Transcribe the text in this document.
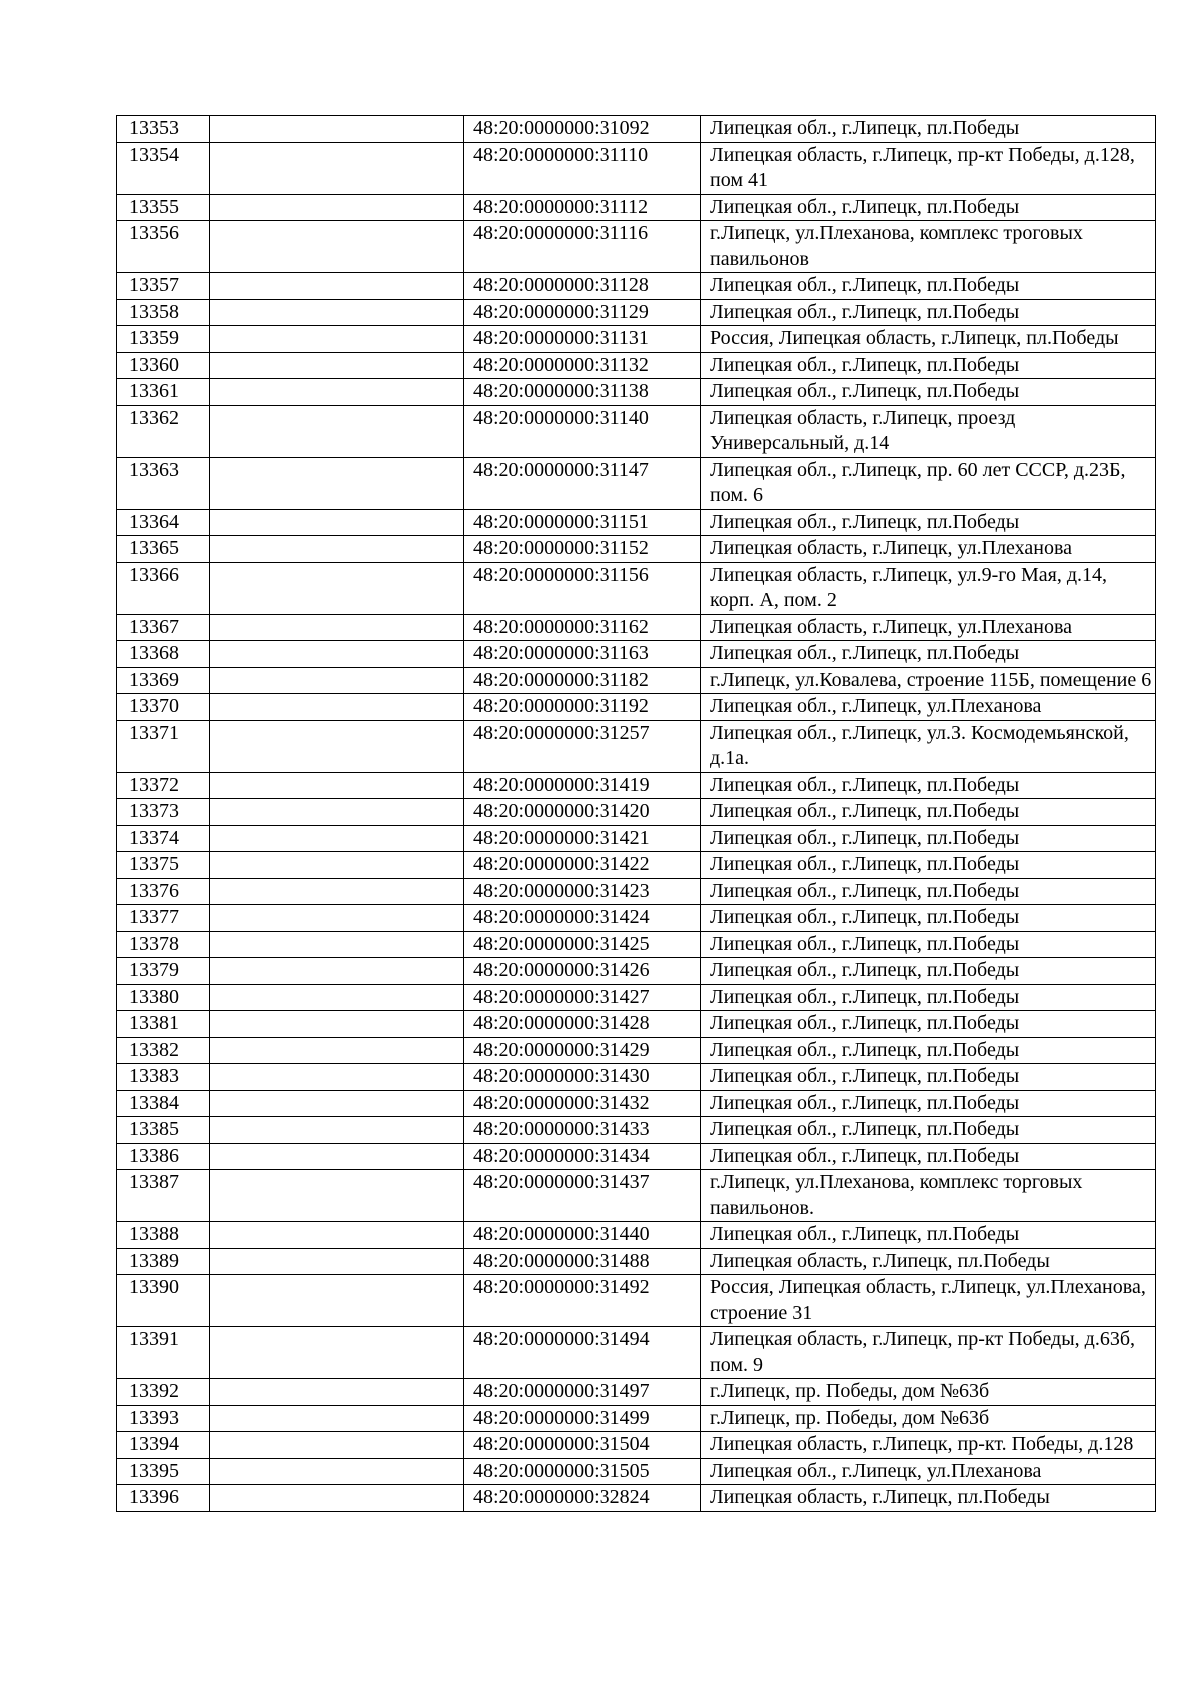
13353		48:20:0000000:31092	Липецкая обл., г.Липецк, пл.Победы
13354		48:20:0000000:31110	Липецкая область, г.Липецк, пр-кт Победы, д.128, пом 41
13355		48:20:0000000:31112	Липецкая обл., г.Липецк, пл.Победы
13356		48:20:0000000:31116	г.Липецк, ул.Плеханова, комплекс троговых павильонов
13357		48:20:0000000:31128	Липецкая обл., г.Липецк, пл.Победы
13358		48:20:0000000:31129	Липецкая обл., г.Липецк, пл.Победы
13359		48:20:0000000:31131	Россия, Липецкая область, г.Липецк, пл.Победы
13360		48:20:0000000:31132	Липецкая обл., г.Липецк, пл.Победы
13361		48:20:0000000:31138	Липецкая обл., г.Липецк, пл.Победы
13362		48:20:0000000:31140	Липецкая область, г.Липецк, проезд Универсальный, д.14
13363		48:20:0000000:31147	Липецкая обл., г.Липецк, пр. 60 лет СССР, д.23Б, пом. 6
13364		48:20:0000000:31151	Липецкая обл., г.Липецк, пл.Победы
13365		48:20:0000000:31152	Липецкая область, г.Липецк, ул.Плеханова
13366		48:20:0000000:31156	Липецкая область, г.Липецк, ул.9-го Мая, д.14, корп. А, пом. 2
13367		48:20:0000000:31162	Липецкая область, г.Липецк, ул.Плеханова
13368		48:20:0000000:31163	Липецкая обл., г.Липецк, пл.Победы
13369		48:20:0000000:31182	г.Липецк, ул.Ковалева, строение 115Б, помещение 6
13370		48:20:0000000:31192	Липецкая обл., г.Липецк, ул.Плеханова
13371		48:20:0000000:31257	Липецкая обл., г.Липецк, ул.З. Космодемьянской, д.1а.
13372		48:20:0000000:31419	Липецкая обл., г.Липецк, пл.Победы
13373		48:20:0000000:31420	Липецкая обл., г.Липецк, пл.Победы
13374		48:20:0000000:31421	Липецкая обл., г.Липецк, пл.Победы
13375		48:20:0000000:31422	Липецкая обл., г.Липецк, пл.Победы
13376		48:20:0000000:31423	Липецкая обл., г.Липецк, пл.Победы
13377		48:20:0000000:31424	Липецкая обл., г.Липецк, пл.Победы
13378		48:20:0000000:31425	Липецкая обл., г.Липецк, пл.Победы
13379		48:20:0000000:31426	Липецкая обл., г.Липецк, пл.Победы
13380		48:20:0000000:31427	Липецкая обл., г.Липецк, пл.Победы
13381		48:20:0000000:31428	Липецкая обл., г.Липецк, пл.Победы
13382		48:20:0000000:31429	Липецкая обл., г.Липецк, пл.Победы
13383		48:20:0000000:31430	Липецкая обл., г.Липецк, пл.Победы
13384		48:20:0000000:31432	Липецкая обл., г.Липецк, пл.Победы
13385		48:20:0000000:31433	Липецкая обл., г.Липецк, пл.Победы
13386		48:20:0000000:31434	Липецкая обл., г.Липецк, пл.Победы
13387		48:20:0000000:31437	г.Липецк, ул.Плеханова, комплекс торговых павильонов.
13388		48:20:0000000:31440	Липецкая обл., г.Липецк, пл.Победы
13389		48:20:0000000:31488	Липецкая область, г.Липецк, пл.Победы
13390		48:20:0000000:31492	Россия, Липецкая область, г.Липецк, ул.Плеханова, строение 31
13391		48:20:0000000:31494	Липецкая область, г.Липецк, пр-кт Победы, д.63б, пом. 9
13392		48:20:0000000:31497	г.Липецк, пр. Победы, дом №63б
13393		48:20:0000000:31499	г.Липецк, пр. Победы, дом №63б
13394		48:20:0000000:31504	Липецкая область, г.Липецк, пр-кт. Победы, д.128
13395		48:20:0000000:31505	Липецкая обл., г.Липецк, ул.Плеханова
13396		48:20:0000000:32824	Липецкая область, г.Липецк, пл.Победы
